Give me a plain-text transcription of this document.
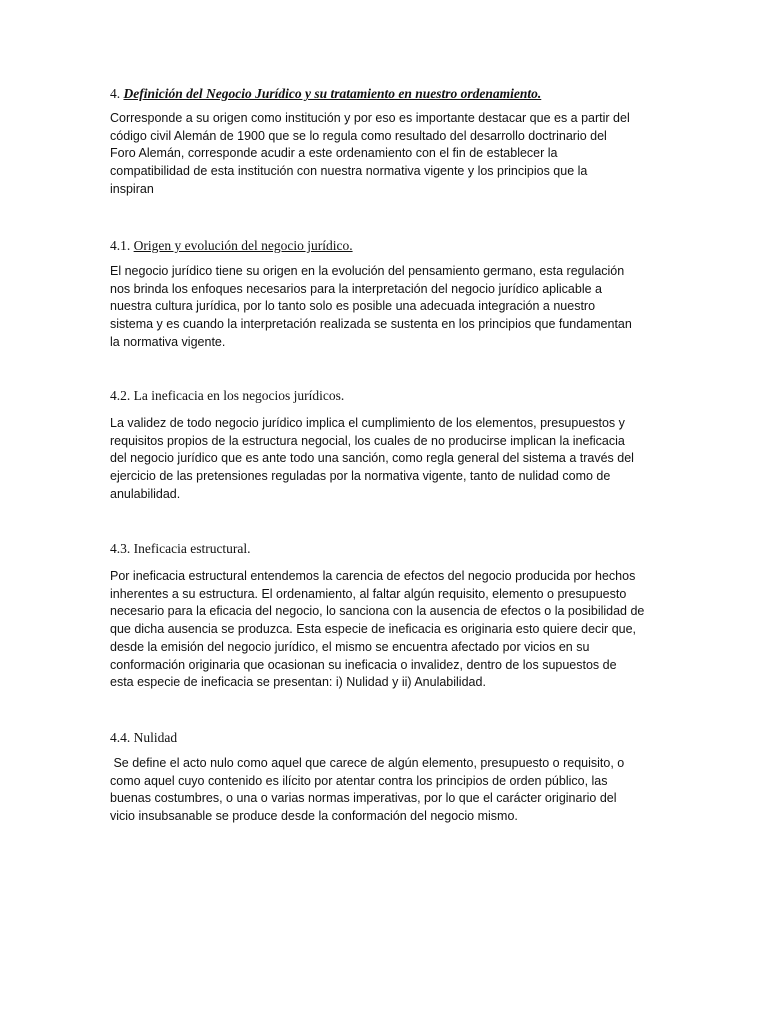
4. Definición del Negocio Jurídico y su tratamiento en nuestro ordenamiento.

Corresponde a su origen como institución y por eso es importante destacar que es a partir del
código civil Alemán de 1900 que se lo regula como resultado del desarrollo doctrinario del
Foro Alemán, corresponde acudir a este ordenamiento con el fin de establecer la
compatibilidad de esta institución con nuestra normativa vigente y los principios que la
inspiran

4.1. Origen y evolución del negocio jurídico.

El negocio jurídico tiene su origen en la evolución del pensamiento germano, esta regulación
nos brinda los enfoques necesarios para la interpretación del negocio jurídico aplicable a
nuestra cultura jurídica, por lo tanto solo es posible una adecuada integración a nuestro
sistema y es cuando la interpretación realizada se sustenta en los principios que fundamentan
la normativa vigente.

4.2. La ineficacia en los negocios jurídicos.

La validez de todo negocio jurídico implica el cumplimiento de los elementos, presupuestos y
requisitos propios de la estructura negocial, los cuales de no producirse implican la ineficacia
del negocio jurídico que es ante todo una sanción, como regla general del sistema a través del
ejercicio de las pretensiones reguladas por la normativa vigente, tanto de nulidad como de
anulabilidad.

4.3. Ineficacia estructural.

Por ineficacia estructural entendemos la carencia de efectos del negocio producida por hechos
inherentes a su estructura. El ordenamiento, al faltar algún requisito, elemento o presupuesto
necesario para la eficacia del negocio, lo sanciona con la ausencia de efectos o la posibilidad de
que dicha ausencia se produzca. Esta especie de ineficacia es originaria esto quiere decir que,
desde la emisión del negocio jurídico, el mismo se encuentra afectado por vicios en su
conformación originaria que ocasionan su ineficacia o invalidez, dentro de los supuestos de
esta especie de ineficacia se presentan: i) Nulidad y ii) Anulabilidad.

4.4. Nulidad

Se define el acto nulo como aquel que carece de algún elemento, presupuesto o requisito, o
como aquel cuyo contenido es ilícito por atentar contra los principios de orden público, las
buenas costumbres, o una o varias normas imperativas, por lo que el carácter originario del
vicio insubsanable se produce desde la conformación del negocio mismo.
